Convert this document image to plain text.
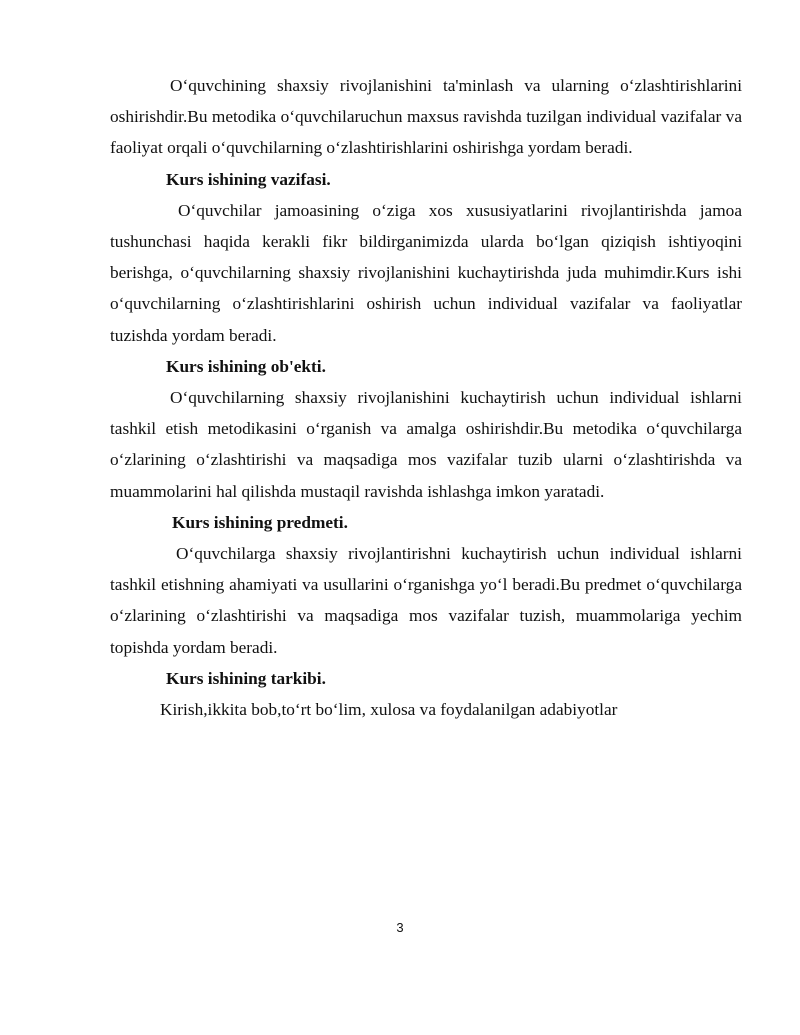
O‘quvchining shaxsiy rivojlanishini ta'minlash va ularning o‘zlashtirishlarini oshirishdir.Bu metodika o‘quvchilaruchun maxsus ravishda tuzilgan individual vazifalar va faoliyat orqali o‘quvchilarning o‘zlashtirishlarini oshirishga yordam beradi.

Kurs ishining vazifasi.

O‘quvchilar jamoasining o‘ziga xos xususiyatlarini rivojlantirishda jamoa tushunchasi haqida kerakli fikr bildirganimizda ularda bo‘lgan qiziqish ishtiyoqini berishga, o‘quvchilarning shaxsiy rivojlanishini kuchaytirishda juda muhimdir.Kurs ishi o‘quvchilarning o‘zlashtirishlarini oshirish uchun individual vazifalar va faoliyatlar tuzishda yordam beradi.

Kurs ishining ob'ekti.

O‘quvchilarning shaxsiy rivojlanishini kuchaytirish uchun individual ishlarni tashkil etish metodikasini o‘rganish va amalga oshirishdir.Bu metodika o‘quvchilarga o‘zlarining o‘zlashtirishi va maqsadiga mos vazifalar tuzib ularni o‘zlashtirishda va muammolarini hal qilishda mustaqil ravishda ishlashga imkon yaratadi.

Kurs ishining predmeti.

O‘quvchilarga shaxsiy rivojlantirishni kuchaytirish uchun individual ishlarni tashkil etishning ahamiyati va usullarini o‘rganishga yo‘l beradi.Bu predmet o‘quvchilarga o‘zlarining o‘zlashtirishi va maqsadiga mos vazifalar tuzish, muammolariga yechim topishda yordam beradi.

Kurs ishining tarkibi.

Kirish,ikkita bob,to‘rt bo‘lim, xulosa va foydalanilgan adabiyotlar

3
